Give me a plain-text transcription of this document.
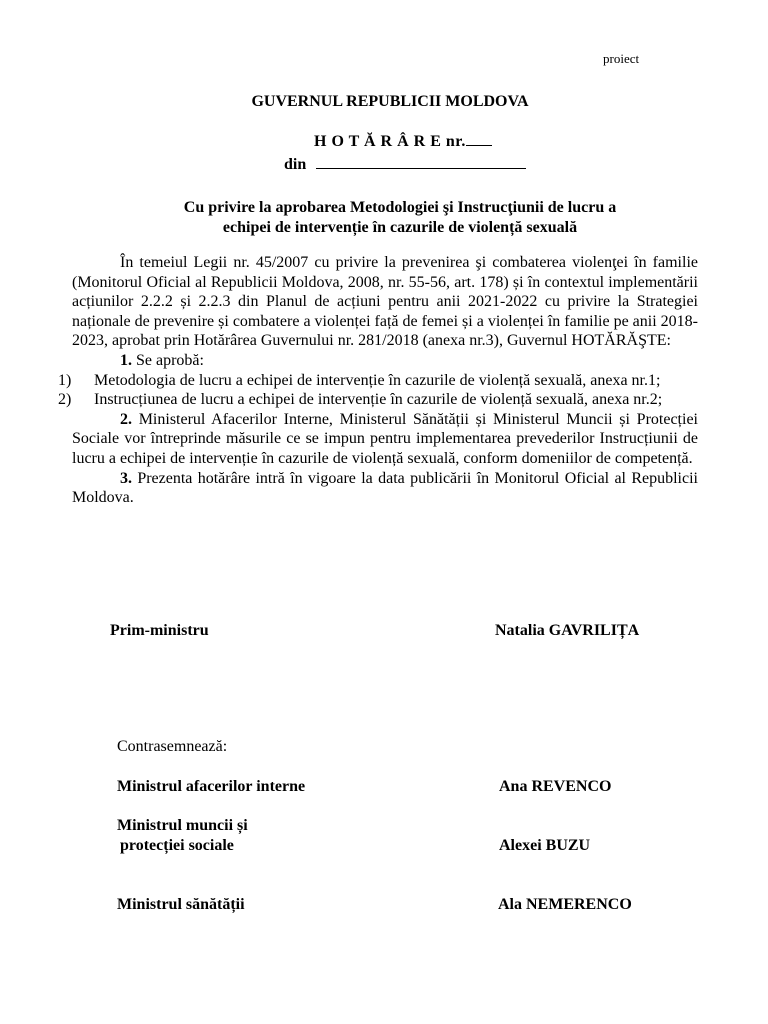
proiect
GUVERNUL REPUBLICII MOLDOVA
H O T Ă R Â R E nr.
din
Cu privire la aprobarea Metodologiei şi Instrucţiunii de lucru a
echipei de intervenție în cazurile de violență sexuală

În temeiul Legii nr. 45/2007 cu privire la prevenirea şi combaterea violenţei în familie (Monitorul Oficial al Republicii Moldova, 2008, nr. 55-56, art. 178) și în contextul implementării acțiunilor 2.2.2 și 2.2.3 din Planul de acțiuni pentru anii 2021-2022 cu privire la Strategiei naționale de prevenire și combatere a violenței față de femei și a violenței în familie pe anii 2018-2023, aprobat prin Hotărârea Guvernului nr. 281/2018 (anexa nr.3), Guvernul HOTĂRĂŞTE:

1. Se aprobă:

1) Metodologia de lucru a echipei de intervenție în cazurile de violență sexuală, anexa nr.1;

2) Instrucțiunea de lucru a echipei de intervenție în cazurile de violență sexuală, anexa nr.2;

2. Ministerul Afacerilor Interne, Ministerul Sănătății și Ministerul Muncii și Protecției Sociale vor întreprinde măsurile ce se impun pentru implementarea prevederilor Instrucțiunii de lucru a echipei de intervenție în cazurile de violență sexuală, conform domeniilor de competență.

3. Prezenta hotărâre intră în vigoare la data publicării în Monitorul Oficial al Republicii Moldova.

Prim-ministru	Natalia GAVRILIȚA
Contrasemnează:
Ministrul afacerilor interne	Ana REVENCO
Ministrul muncii și
protecției sociale	Alexei BUZU
Ministrul sănătății	Ala NEMERENCO
